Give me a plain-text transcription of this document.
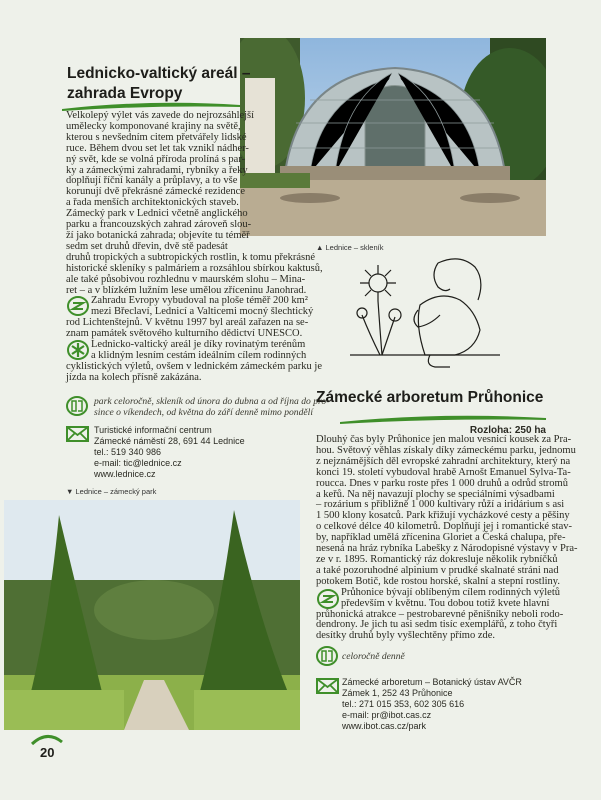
Lednicko-valtický areál –
zahrada Evropy
Velkolepý výlet vás zavede do nejrozsáhlejší
umělecky komponované krajiny na světě,
kterou s nevšedním citem přetvářely lidské
ruce. Během dvou set let tak vznikl nádher-
ný svět, kde se volná příroda prolíná s par-
ky a zámeckými zahradami, rybníky a řeky
doplňují říční kanály a průplavy, a to vše
korunují dvě překrásné zámecké rezidence
a řada menších architektonických staveb.
Zámecký park v Lednici včetně anglického
parku a francouzských zahrad zároveň slou-
ží jako botanická zahrada; objevíte tu téměř
sedm set druhů dřevin, dvě stě padesát
druhů tropických a subtropických rostlin, k tomu překrásné
historické skleníky s palmáriem a rozsáhlou sbírkou kaktusů,
ale také působivou rozhlednu v maurském slohu – Mina-
ret – a v blízkém lužním lese umělou zříceninu Janohrad.
Zahradu Evropy vybudoval na ploše téměř 200 km²
mezi Břeclaví, Lednicí a Valticemi mocný šlechtický
rod Lichtenštejnů. V květnu 1997 byl areál zařazen na se-
znam památek světového kulturního dědictví UNESCO.
Lednicko-valtický areál je díky rovinatým terénům
a klidným lesním cestám ideálním cílem rodinných
cyklistických výletů, ovšem v lednickém zámeckém parku je
jízda na kolech přísně zakázána.
park celoročně, skleník od února do dubna a od října do pro-
since o víkendech, od května do září denně mimo pondělí
Turistické informační centrum
Zámecké náměstí 28, 691 44 Lednice
tel.: 519 340 986
e-mail: tic@lednice.cz
www.lednice.cz
▼ Lednice – zámecký park
20
▲ Lednice – skleník
Zámecké arboretum Průhonice
Rozloha: 250 ha
Dlouhý čas byly Průhonice jen malou vesnicí kousek za Pra-
hou. Světový věhlas získaly díky zámeckému parku, jednomu
z nejznámějších děl evropské zahradní architektury, který na
konci 19. století vybudoval hrabě Arnošt Emanuel Sylva-Ta-
roucca. Dnes v parku roste přes 1 000 druhů a odrůd stromů
a keřů. Na něj navazují plochy se speciálními výsadbami
– rozárium s přibližně 1 000 kultivary růží a iridárium s asi
1 500 klony kosatců. Park křižují vycházkové cesty a pěšiny
o celkové délce 40 kilometrů. Doplňují jej i romantické stav-
by, například umělá zřícenina Gloriet a Česká chalupa, pře-
nesená na hráz rybníka Labešky z Národopisné výstavy v Pra-
ze v r. 1895. Romantický ráz dokresluje několik rybníčků
a také pozoruhodné alpinium v prudké skalnaté stráni nad
potokem Botič, kde rostou horské, skalní a stepní rostliny.
Průhonice bývají oblíbeným cílem rodinných výletů
především v květnu. Tou dobou totiž kvete hlavní
průhonická atrakce – pestrobarevné pěnišníky neboli rodo-
dendrony. Je jich tu asi sedm tisíc exemplářů, z toho čtyři
desítky druhů byly vyšlechtěny přímo zde.
celoročně denně
Zámecké arboretum – Botanický ústav AVČR
Zámek 1, 252 43 Průhonice
tel.: 271 015 353, 602 305 616
e-mail: pr@ibot.cas.cz
www.ibot.cas.cz/park
